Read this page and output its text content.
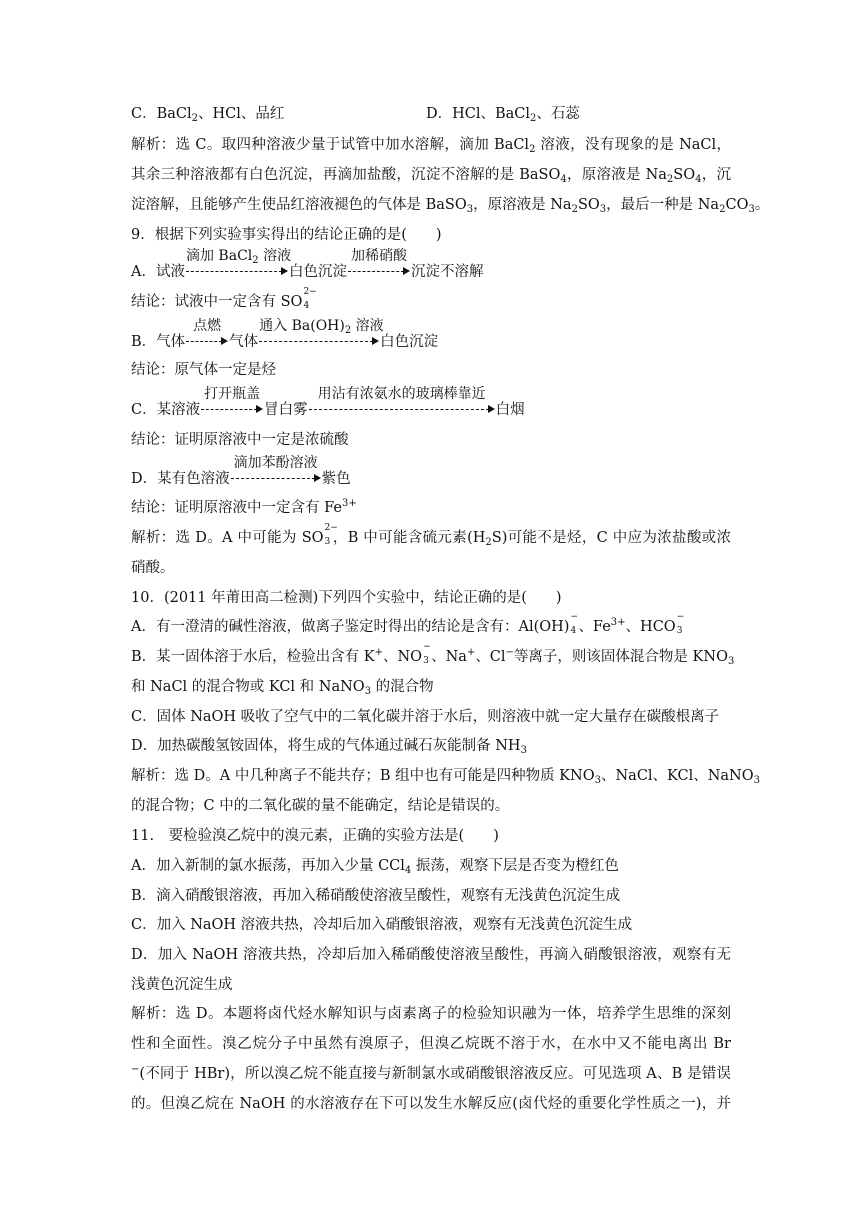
C．BaCl$_2$、HCl、品红	D．HCl、BaCl$_2$、石蕊
解析：选 C。取四种溶液少量于试管中加水溶解，滴加 BaCl$_2$ 溶液，没有现象的是 NaCl，
其余三种溶液都有白色沉淀，再滴加盐酸，沉淀不溶解的是 BaSO$_4$，原溶液是 $Na_2SO_4$，沉
淀溶解，且能够产生使品红溶液褪色的气体是 BaSO$_3$，原溶液是 $Na_2SO_3$，最后一种是 $Na_2CO_3$。
9．根据下列实验事实得出的结论正确的是(　　)
A．试液
滴加 BaCl$_2$ 溶液
白色沉淀
加稀硝酸
沉淀不溶解
结论：试液中一定含有 SO
2−
4
B．气体
点燃
气体
通入 $Ba(OH)_2$ 溶液
白色沉淀
结论：原气体一定是烃
C．某溶液
打开瓶盖
冒白雾
用沾有浓氨水的玻璃棒靠近
白烟
结论：证明原溶液中一定是浓硫酸
D．某有色溶液
滴加苯酚溶液
紫色
结论：证明原溶液中一定含有 $Fe^{3+}$
解析：选 D。A 中可能为 SO
2−
3 ，B 中可能含硫元素$(H_2S)$可能不是烃，C 中应为浓盐酸或浓
硝酸。
10．(2011 年莆田高二检测)下列四个实验中，结论正确的是(　　)
A．有一澄清的碱性溶液，做离子鉴定时得出的结论是含有：Al(OH)
−
4 、$Fe^{3+}$、HCO
−
3
B．某一固体溶于水后，检验出含有 K+、NO
−
3 、Na+、Cl−等离子，则该固体混合物是 $KNO_3$
和 NaCl 的混合物或 KCl 和 NaNO$_3$ 的混合物
C．固体 NaOH 吸收了空气中的二氧化碳并溶于水后，则溶液中就一定大量存在碳酸根离子
D．加热碳酸氢铵固体，将生成的气体通过碱石灰能制备 $NH_3$
解析：选 D。A 中几种离子不能共存；B 组中也有可能是四种物质 $KNO_3$、NaCl、KCl、NaNO$_3$
的混合物；C 中的二氧化碳的量不能确定，结论是错误的。
11.　要检验溴乙烷中的溴元素，正确的实验方法是(　　)
A．加入新制的氯水振荡，再加入少量 CCl$_4$ 振荡，观察下层是否变为橙红色
B．滴入硝酸银溶液，再加入稀硝酸使溶液呈酸性，观察有无浅黄色沉淀生成
C．加入 NaOH 溶液共热，冷却后加入硝酸银溶液，观察有无浅黄色沉淀生成
D．加入 NaOH 溶液共热，冷却后加入稀硝酸使溶液呈酸性，再滴入硝酸银溶液，观察有无
浅黄色沉淀生成
解析：选 D。本题将卤代烃水解知识与卤素离子的检验知识融为一体，培养学生思维的深刻
性和全面性。溴乙烷分子中虽然有溴原子，但溴乙烷既不溶于水，在水中又不能电离出 Br
−(不同于 HBr)，所以溴乙烷不能直接与新制氯水或硝酸银溶液反应。可见选项 A、B 是错误
的。但溴乙烷在 NaOH 的水溶液存在下可以发生水解反应(卤代烃的重要化学性质之一)，并
